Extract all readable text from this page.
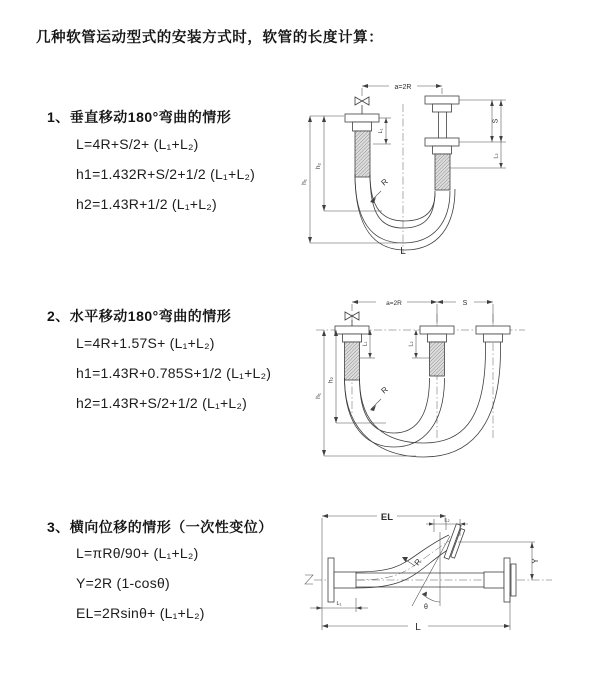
几种软管运动型式的安装方式时，软管的长度计算：
1、垂直移动180°弯曲的情形
L=4R+S/2+ (L₁+L₂)
h1=1.432R+S/2+1/2 (L₁+L₂)
h2=1.43R+1/2 (L₁+L₂)
2、水平移动180°弯曲的情形
L=4R+1.57S+ (L₁+L₂)
h1=1.43R+0.785S+1/2 (L₁+L₂)
h2=1.43R+S/2+1/2 (L₁+L₂)
3、横向位移的情形（一次性变位）
L=πRθ/90+ (L₁+L₂)
Y=2R (1-cosθ)
EL=2Rsinθ+ (L₁+L₂)
a=2R
R
L
h₁
h₂
L₁
S
L₂
a=2R	S
R
h₁
h₂
L₁	L₂
EL	L₂
Y
L
L₁
R
θ
